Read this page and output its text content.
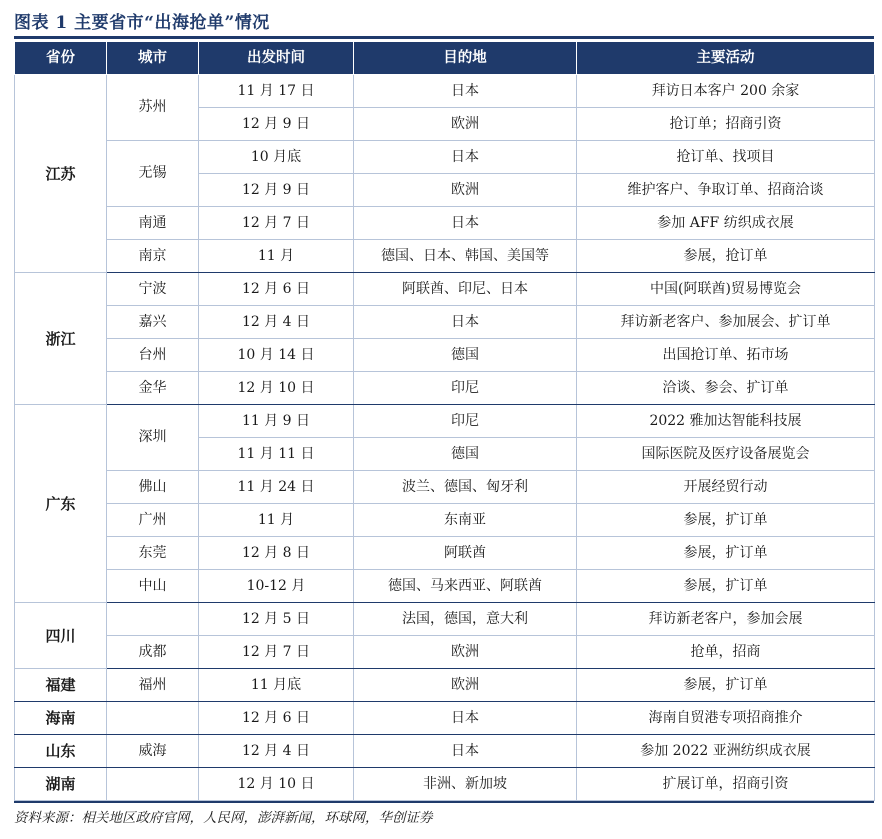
图表 1 主要省市“出海抢单”情况
省份	城市	出发时间	目的地	主要活动
江苏	苏州	11 月 17 日	日本	拜访日本客户 200 余家
		12 月 9 日	欧洲	抢订单；招商引资
	无锡	10 月底	日本	抢订单、找项目
		12 月 9 日	欧洲	维护客户、争取订单、招商洽谈
	南通	12 月 7 日	日本	参加 AFF 纺织成衣展
	南京	11 月	德国、日本、韩国、美国等	参展，抢订单
浙江	宁波	12 月 6 日	阿联酋、印尼、日本	中国(阿联酋)贸易博览会
	嘉兴	12 月 4 日	日本	拜访新老客户、参加展会、扩订单
	台州	10 月 14 日	德国	出国抢订单、拓市场
	金华	12 月 10 日	印尼	洽谈、参会、扩订单
广东	深圳	11 月 9 日	印尼	2022 雅加达智能科技展
		11 月 11 日	德国	国际医院及医疗设备展览会
	佛山	11 月 24 日	波兰、德国、匈牙利	开展经贸行动
	广州	11 月	东南亚	参展，扩订单
	东莞	12 月 8 日	阿联酋	参展，扩订单
	中山	10-12 月	德国、马来西亚、阿联酋	参展，扩订单
四川		12 月 5 日	法国，德国，意大利	拜访新老客户，参加会展
	成都	12 月 7 日	欧洲	抢单，招商
福建	福州	11 月底	欧洲	参展，扩订单
海南		12 月 6 日	日本	海南自贸港专项招商推介
山东	威海	12 月 4 日	日本	参加 2022 亚洲纺织成衣展
湖南		12 月 10 日	非洲、新加坡	扩展订单，招商引资
资料来源：相关地区政府官网，人民网，澎湃新闻，环球网，华创证券
